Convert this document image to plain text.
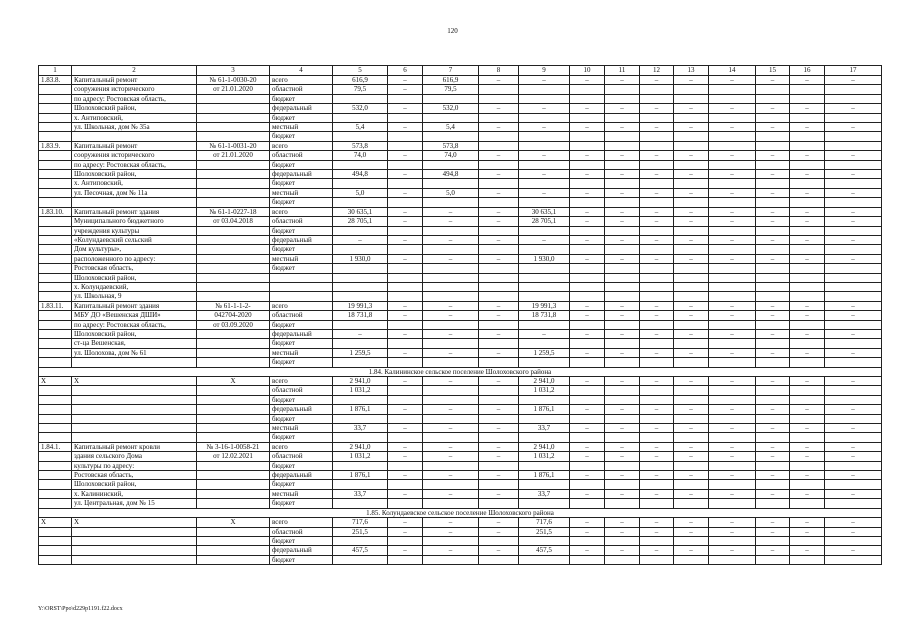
120
1	2	3	4	5	6	7	8	9	10	11	12	13	14	15	16	17
1.83.8.	Капитальный ремонт	№ 61-1-0030-20	всего	616,9	–	616,9	–	–	–	–	–	–	–	–	–	–
	сооружения исторического	от 21.01.2020	областной	79,5	–	79,5										
	по адресу: Ростовская область,		бюджет													
	Шолоховский район,		федеральный	532,0	–	532,0	–	–	–	–	–	–	–	–	–	–
	х. Антиповский,		бюджет													
	ул. Школьная, дом № 35а		местный	5,4	–	5,4	–	–	–	–	–	–	–	–	–	–
			бюджет													
1.83.9.	Капитальный ремонт	№ 61-1-0031-20	всего	573,8		573,8										
	сооружения исторического	от 21.01.2020	областной	74,0	–	74,0	–	–	–	–	–	–	–	–	–	–
	по адресу: Ростовская область,		бюджет													
	Шолоховский район,		федеральный	494,8	–	494,8	–	–	–	–	–	–	–	–	–	–
	х. Антиповский,		бюджет													
	ул. Песочная, дом № 11а		местный	5,0	–	5,0	–	–	–	–	–	–	–	–	–	–
			бюджет													
1.83.10.	Капитальный ремонт здания	№ 61-1-0227-18	всего	30 635,1	–	–	–	30 635,1	–	–	–	–	–	–	–	–
	Муниципального бюджетного	от 03.04.2018	областной	28 705,1	–	–	–	28 705,1	–	–	–	–	–	–	–	–
	учреждения культуры		бюджет													
	«Колундаевский сельский		федеральный	–	–	–	–	–	–	–	–	–	–	–	–	–
	Дом культуры»,		бюджет													
	расположенного по адресу:		местный	1 930,0	–	–	–	1 930,0	–	–	–	–	–	–	–	–
	Ростовская область,		бюджет													
	Шолоховский район,															
	х. Колундаевский,															
	ул. Школьная, 9															
1.83.11.	Капитальный ремонт здания	№ 61-1-1-2-	всего	19 991,3	–	–	–	19 991,3	–	–	–	–	–	–	–	–
	МБУ ДО «Вешенская ДШИ»	042704-2020	областной	18 731,8	–	–	–	18 731,8	–	–	–	–	–	–	–	–
	по адресу: Ростовская область,	от 03.09.2020	бюджет													
	Шолоховский район,		федеральный	–	–	–	–	–	–	–	–	–	–	–	–	–
	ст-ца Вешенская,		бюджет													
	ул. Шолохова, дом № 61		местный	1 259,5	–	–	–	1 259,5	–	–	–	–	–	–	–	–
			бюджет													
1.84. Калининское сельское поселение Шолоховского района																
Х	Х	Х	всего	2 941,0	–	–	–	2 941,0	–	–	–	–	–	–	–	–
			областной	1 031,2				1 031,2								
			бюджет													
			федеральный	1 876,1	–	–	–	1 876,1	–	–	–	–	–	–	–	–
			бюджет													
			местный	33,7	–	–	–	33,7	–	–	–	–	–	–	–	–
			бюджет													
1.84.1.	Капитальный ремонт кровли	№ 3-16-1-0058-21	всего	2 941,0	–	–	–	2 941,0	–	–	–	–	–	–	–	–
	здания сельского Дома	от 12.02.2021	областной	1 031,2	–	–	–	1 031,2	–	–	–	–	–	–	–	–
	культуры по адресу:		бюджет													
	Ростовская область,		федеральный	1 876,1	–	–	–	1 876,1	–	–	–	–	–	–	–	–
	Шолоховский район,		бюджет													
	х. Калининский,		местный	33,7	–	–	–	33,7	–	–	–	–	–	–	–	–
	ул. Центральная, дом № 15		бюджет													
1.85. Колундаевское сельское поселение Шолоховского района																
Х	Х	Х	всего	717,6	–	–	–	717,6	–	–	–	–	–	–	–	–
			областной	251,5	–	–	–	251,5	–	–	–	–	–	–	–	–
			бюджет													
			федеральный	457,5	–	–	–	457,5	–	–	–	–	–	–	–	–
			бюджет													
Y:\ORST\Ppo\d229p1191.f22.docx
